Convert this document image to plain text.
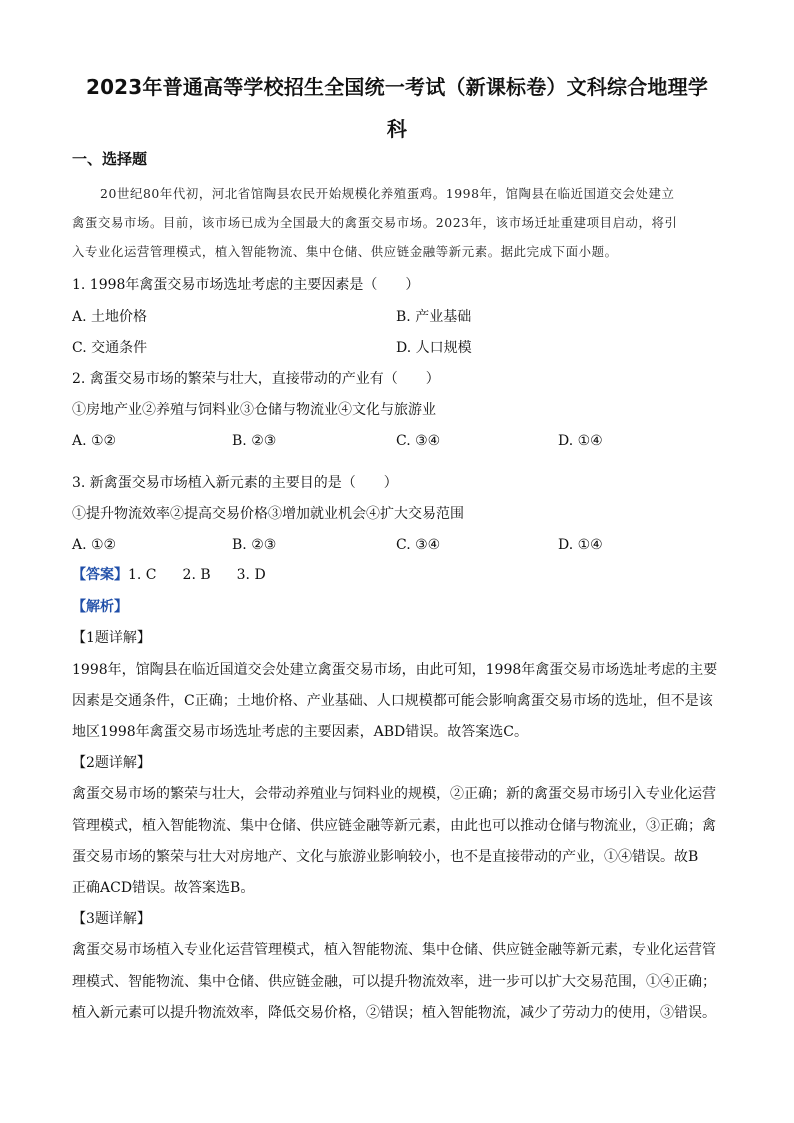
2023年普通高等学校招生全国统一考试（新课标卷）文科综合地理学
科
一、选择题
20世纪80年代初，河北省馆陶县农民开始规模化养殖蛋鸡。1998年，馆陶县在临近国道交会处建立
禽蛋交易市场。目前，该市场已成为全国最大的禽蛋交易市场。2023年，该市场迁址重建项目启动，将引
入专业化运营管理模式，植入智能物流、集中仓储、供应链金融等新元素。据此完成下面小题。
1. 1998年禽蛋交易市场选址考虑的主要因素是（　　）
A. 土地价格	B. 产业基础
C. 交通条件	D. 人口规模
2. 禽蛋交易市场的繁荣与壮大，直接带动的产业有（　　）
①房地产业②养殖与饲料业③仓储与物流业④文化与旅游业
A. ①②	B. ②③	C. ③④	D. ①④
3. 新禽蛋交易市场植入新元素的主要目的是（　　）
①提升物流效率②提高交易价格③增加就业机会④扩大交易范围
A. ①②	B. ②③	C. ③④	D. ①④
【答案】1. C 2. B 3. D
【解析】
【1题详解】
1998年，馆陶县在临近国道交会处建立禽蛋交易市场，由此可知，1998年禽蛋交易市场选址考虑的主要
因素是交通条件，C正确；土地价格、产业基础、人口规模都可能会影响禽蛋交易市场的选址，但不是该
地区1998年禽蛋交易市场选址考虑的主要因素，ABD错误。故答案选C。
【2题详解】
禽蛋交易市场的繁荣与壮大，会带动养殖业与饲料业的规模，②正确；新的禽蛋交易市场引入专业化运营
管理模式，植入智能物流、集中仓储、供应链金融等新元素，由此也可以推动仓储与物流业，③正确；禽
蛋交易市场的繁荣与壮大对房地产、文化与旅游业影响较小，也不是直接带动的产业，①④错误。故B
正确ACD错误。故答案选B。
【3题详解】
禽蛋交易市场植入专业化运营管理模式，植入智能物流、集中仓储、供应链金融等新元素，专业化运营管
理模式、智能物流、集中仓储、供应链金融，可以提升物流效率，进一步可以扩大交易范围，①④正确；
植入新元素可以提升物流效率，降低交易价格，②错误；植入智能物流，减少了劳动力的使用，③错误。
